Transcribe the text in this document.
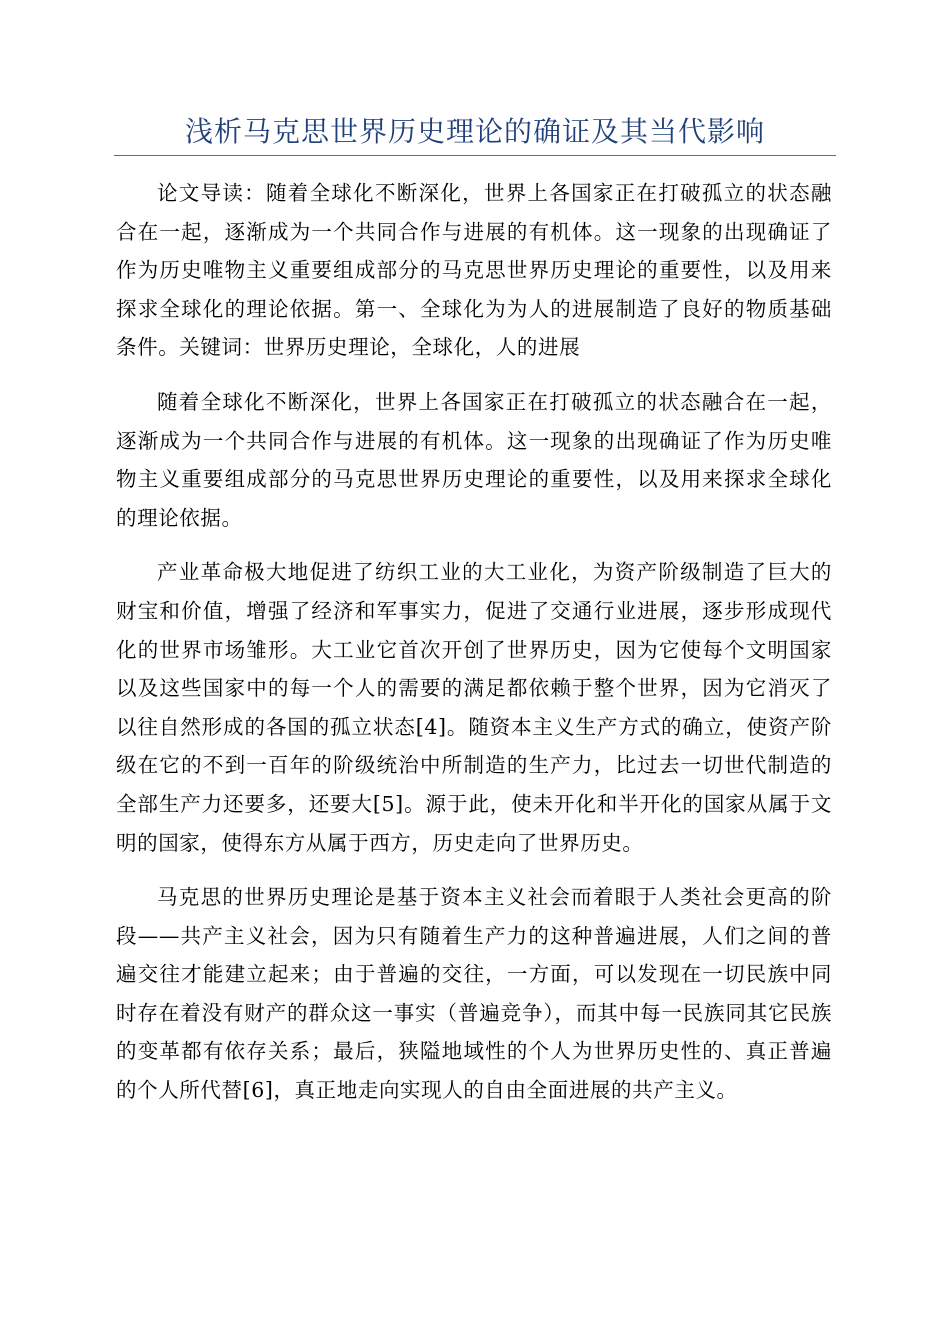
浅析马克思世界历史理论的确证及其当代影响

论文导读：随着全球化不断深化，世界上各国家正在打破孤立的状态融合在一起，逐渐成为一个共同合作与进展的有机体。这一现象的出现确证了作为历史唯物主义重要组成部分的马克思世界历史理论的重要性，以及用来探求全球化的理论依据。第一、全球化为为人的进展制造了良好的物质基础条件。关键词：世界历史理论，全球化，人的进展

随着全球化不断深化，世界上各国家正在打破孤立的状态融合在一起，逐渐成为一个共同合作与进展的有机体。这一现象的出现确证了作为历史唯物主义重要组成部分的马克思世界历史理论的重要性，以及用来探求全球化的理论依据。

产业革命极大地促进了纺织工业的大工业化，为资产阶级制造了巨大的财宝和价值，增强了经济和军事实力，促进了交通行业进展，逐步形成现代化的世界市场雏形。大工业它首次开创了世界历史，因为它使每个文明国家以及这些国家中的每一个人的需要的满足都依赖于整个世界，因为它消灭了以往自然形成的各国的孤立状态[4]。随资本主义生产方式的确立，使资产阶级在它的不到一百年的阶级统治中所制造的生产力，比过去一切世代制造的全部生产力还要多，还要大[5]。源于此，使未开化和半开化的国家从属于文明的国家，使得东方从属于西方，历史走向了世界历史。

马克思的世界历史理论是基于资本主义社会而着眼于人类社会更高的阶段——共产主义社会，因为只有随着生产力的这种普遍进展，人们之间的普遍交往才能建立起来；由于普遍的交往，一方面，可以发现在一切民族中同时存在着没有财产的群众这一事实（普遍竞争），而其中每一民族同其它民族的变革都有依存关系；最后，狭隘地域性的个人为世界历史性的、真正普遍的个人所代替[6]，真正地走向实现人的自由全面进展的共产主义。
